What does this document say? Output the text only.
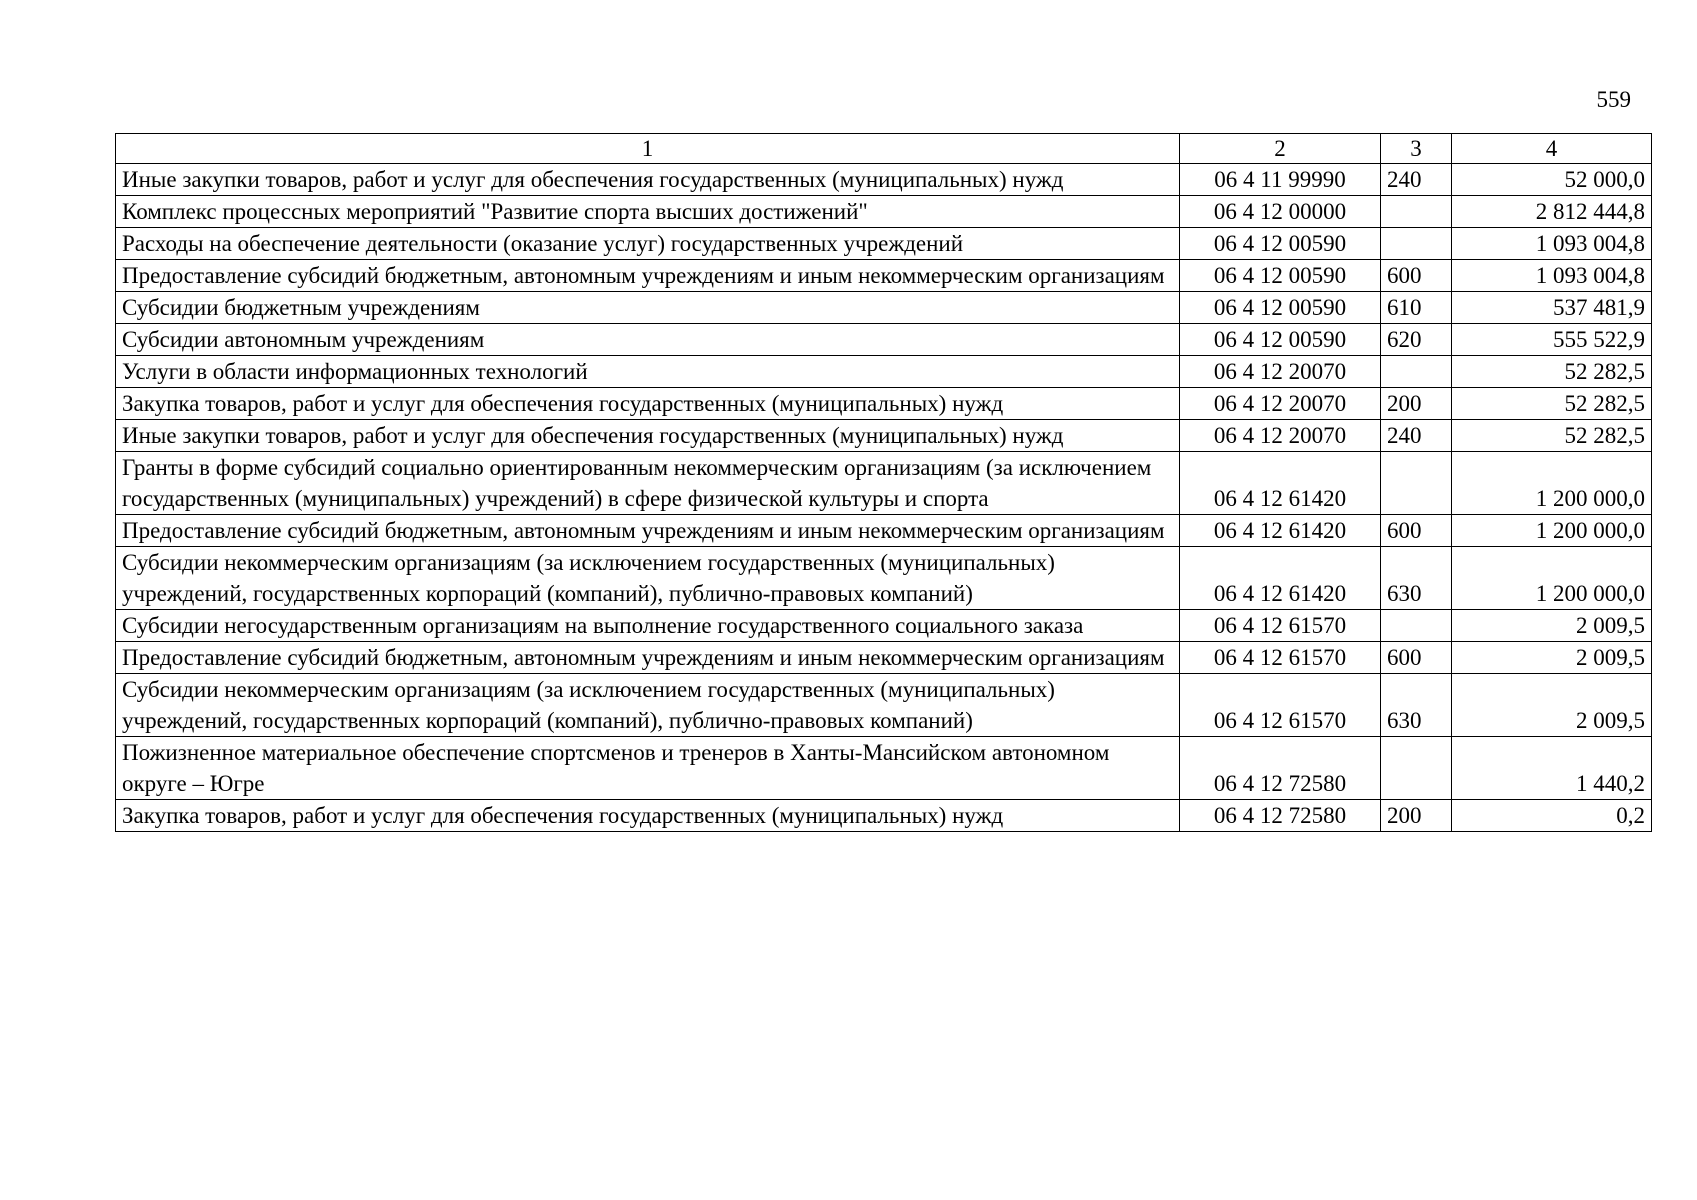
559
1	2	3	4
Иные закупки товаров, работ и услуг для обеспечения государственных (муниципальных) нужд	06 4 11 99990	240	52 000,0
Комплекс процессных мероприятий "Развитие спорта высших достижений"	06 4 12 00000		2 812 444,8
Расходы на обеспечение деятельности (оказание услуг) государственных учреждений	06 4 12 00590		1 093 004,8
Предоставление субсидий бюджетным, автономным учреждениям и иным некоммерческим организациям	06 4 12 00590	600	1 093 004,8
Субсидии бюджетным учреждениям	06 4 12 00590	610	537 481,9
Субсидии автономным учреждениям	06 4 12 00590	620	555 522,9
Услуги в области информационных технологий	06 4 12 20070		52 282,5
Закупка товаров, работ и услуг для обеспечения государственных (муниципальных) нужд	06 4 12 20070	200	52 282,5
Иные закупки товаров, работ и услуг для обеспечения государственных (муниципальных) нужд	06 4 12 20070	240	52 282,5
Гранты в форме субсидий социально ориентированным некоммерческим организациям (за исключением государственных (муниципальных) учреждений) в сфере физической культуры и спорта	06 4 12 61420		1 200 000,0
Предоставление субсидий бюджетным, автономным учреждениям и иным некоммерческим организациям	06 4 12 61420	600	1 200 000,0
Субсидии некоммерческим организациям (за исключением государственных (муниципальных) учреждений, государственных корпораций (компаний), публично-правовых компаний)	06 4 12 61420	630	1 200 000,0
Субсидии негосударственным организациям на выполнение государственного социального заказа	06 4 12 61570		2 009,5
Предоставление субсидий бюджетным, автономным учреждениям и иным некоммерческим организациям	06 4 12 61570	600	2 009,5
Субсидии некоммерческим организациям (за исключением государственных (муниципальных) учреждений, государственных корпораций (компаний), публично-правовых компаний)	06 4 12 61570	630	2 009,5
Пожизненное материальное обеспечение спортсменов и тренеров в Ханты-Мансийском автономном округе – Югре	06 4 12 72580		1 440,2
Закупка товаров, работ и услуг для обеспечения государственных (муниципальных) нужд	06 4 12 72580	200	0,2
